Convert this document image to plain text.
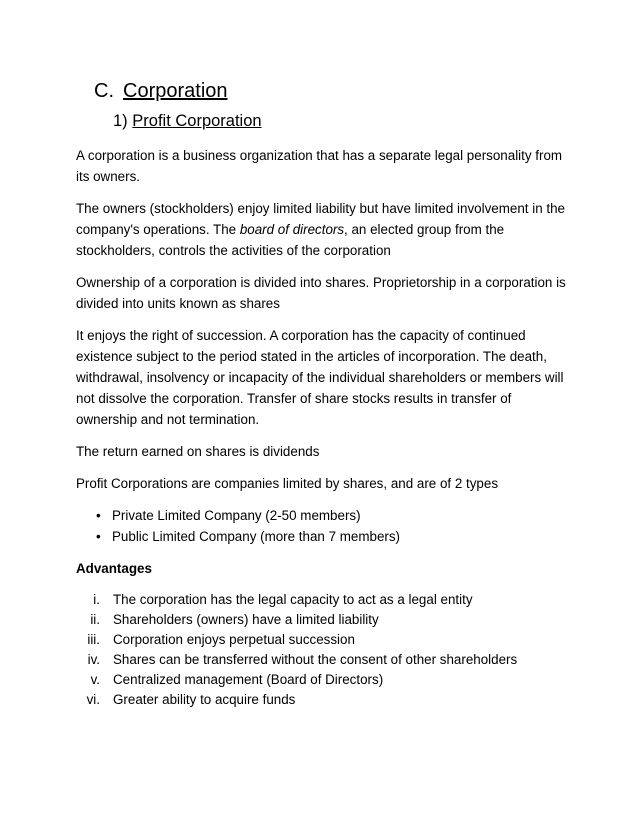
C. Corporation
1) Profit Corporation

A corporation is a business organization that has a separate legal personality from its owners.

The owners (stockholders) enjoy limited liability but have limited involvement in the company's operations. The board of directors, an elected group from the stockholders, controls the activities of the corporation

Ownership of a corporation is divided into shares. Proprietorship in a corporation is divided into units known as shares

It enjoys the right of succession. A corporation has the capacity of continued existence subject to the period stated in the articles of incorporation. The death, withdrawal, insolvency or incapacity of the individual shareholders or members will not dissolve the corporation. Transfer of share stocks results in transfer of ownership and not termination.

The return earned on shares is dividends

Profit Corporations are companies limited by shares, and are of 2 types

• Private Limited Company (2-50 members)
• Public Limited Company (more than 7 members)

Advantages

i. The corporation has the legal capacity to act as a legal entity
ii. Shareholders (owners) have a limited liability
iii. Corporation enjoys perpetual succession
iv. Shares can be transferred without the consent of other shareholders
v. Centralized management (Board of Directors)
vi. Greater ability to acquire funds
